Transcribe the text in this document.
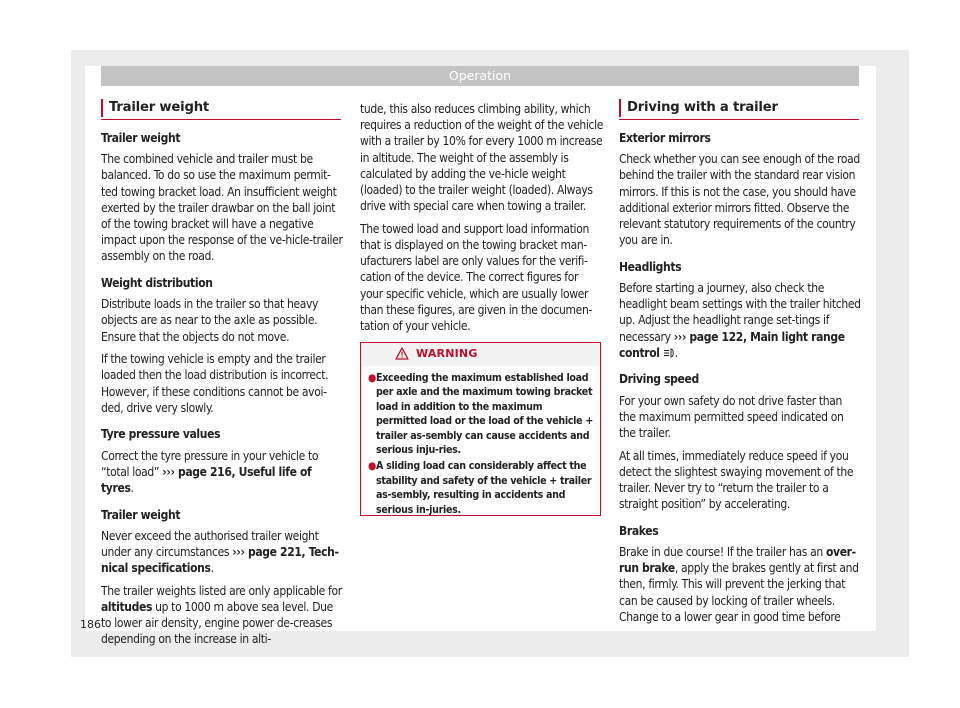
Operation
Trailer weight
Trailer weight

The combined vehicle and trailer must be balanced. To do so use the maximum permit-ted towing bracket load. An insufficient weight exerted by the trailer drawbar on the ball joint of the towing bracket will have a negative impact upon the response of the ve-hicle-trailer assembly on the road.

Weight distribution

Distribute loads in the trailer so that heavy objects are as near to the axle as possible. Ensure that the objects do not move.

If the towing vehicle is empty and the trailer loaded then the load distribution is incorrect. However, if these conditions cannot be avoi-ded, drive very slowly.

Tyre pressure values

Correct the tyre pressure in your vehicle to “total load” ››› page 216, Useful life of tyres.

Trailer weight

Never exceed the authorised trailer weight under any circumstances ››› page 221, Tech-nical specifications.

The trailer weights listed are only applicable for altitudes up to 1000 m above sea level. Due to lower air density, engine power de-creases depending on the increase in alti-

tude, this also reduces climbing ability, which requires a reduction of the weight of the vehicle with a trailer by 10% for every 1000 m increase in altitude. The weight of the assembly is calculated by adding the ve-hicle weight (loaded) to the trailer weight (loaded). Always drive with special care when towing a trailer.

The towed load and support load information that is displayed on the towing bracket man-ufacturers label are only values for the verifi-cation of the device. The correct figures for your specific vehicle, which are usually lower than these figures, are given in the documen-tation of your vehicle.

WARNING
● Exceeding the maximum established load per axle and the maximum towing bracket load in addition to the maximum permitted load or the load of the vehicle + trailer as-sembly can cause accidents and serious inju-ries.
● A sliding load can considerably affect the stability and safety of the vehicle + trailer as-sembly, resulting in accidents and serious in-juries.
Driving with a trailer
Exterior mirrors

Check whether you can see enough of the road behind the trailer with the standard rear vision mirrors. If this is not the case, you should have additional exterior mirrors fitted. Observe the relevant statutory requirements of the country you are in.

Headlights

Before starting a journey, also check the headlight beam settings with the trailer hitched up. Adjust the headlight range set-tings if necessary ››› page 122, Main light range control .

Driving speed

For your own safety do not drive faster than the maximum permitted speed indicated on the trailer.

At all times, immediately reduce speed if you detect the slightest swaying movement of the trailer. Never try to “return the trailer to a straight position” by accelerating.

Brakes

Brake in due course! If the trailer has an over-run brake, apply the brakes gently at first and then, firmly. This will prevent the jerking that can be caused by locking of trailer wheels. Change to a lower gear in good time before

186
